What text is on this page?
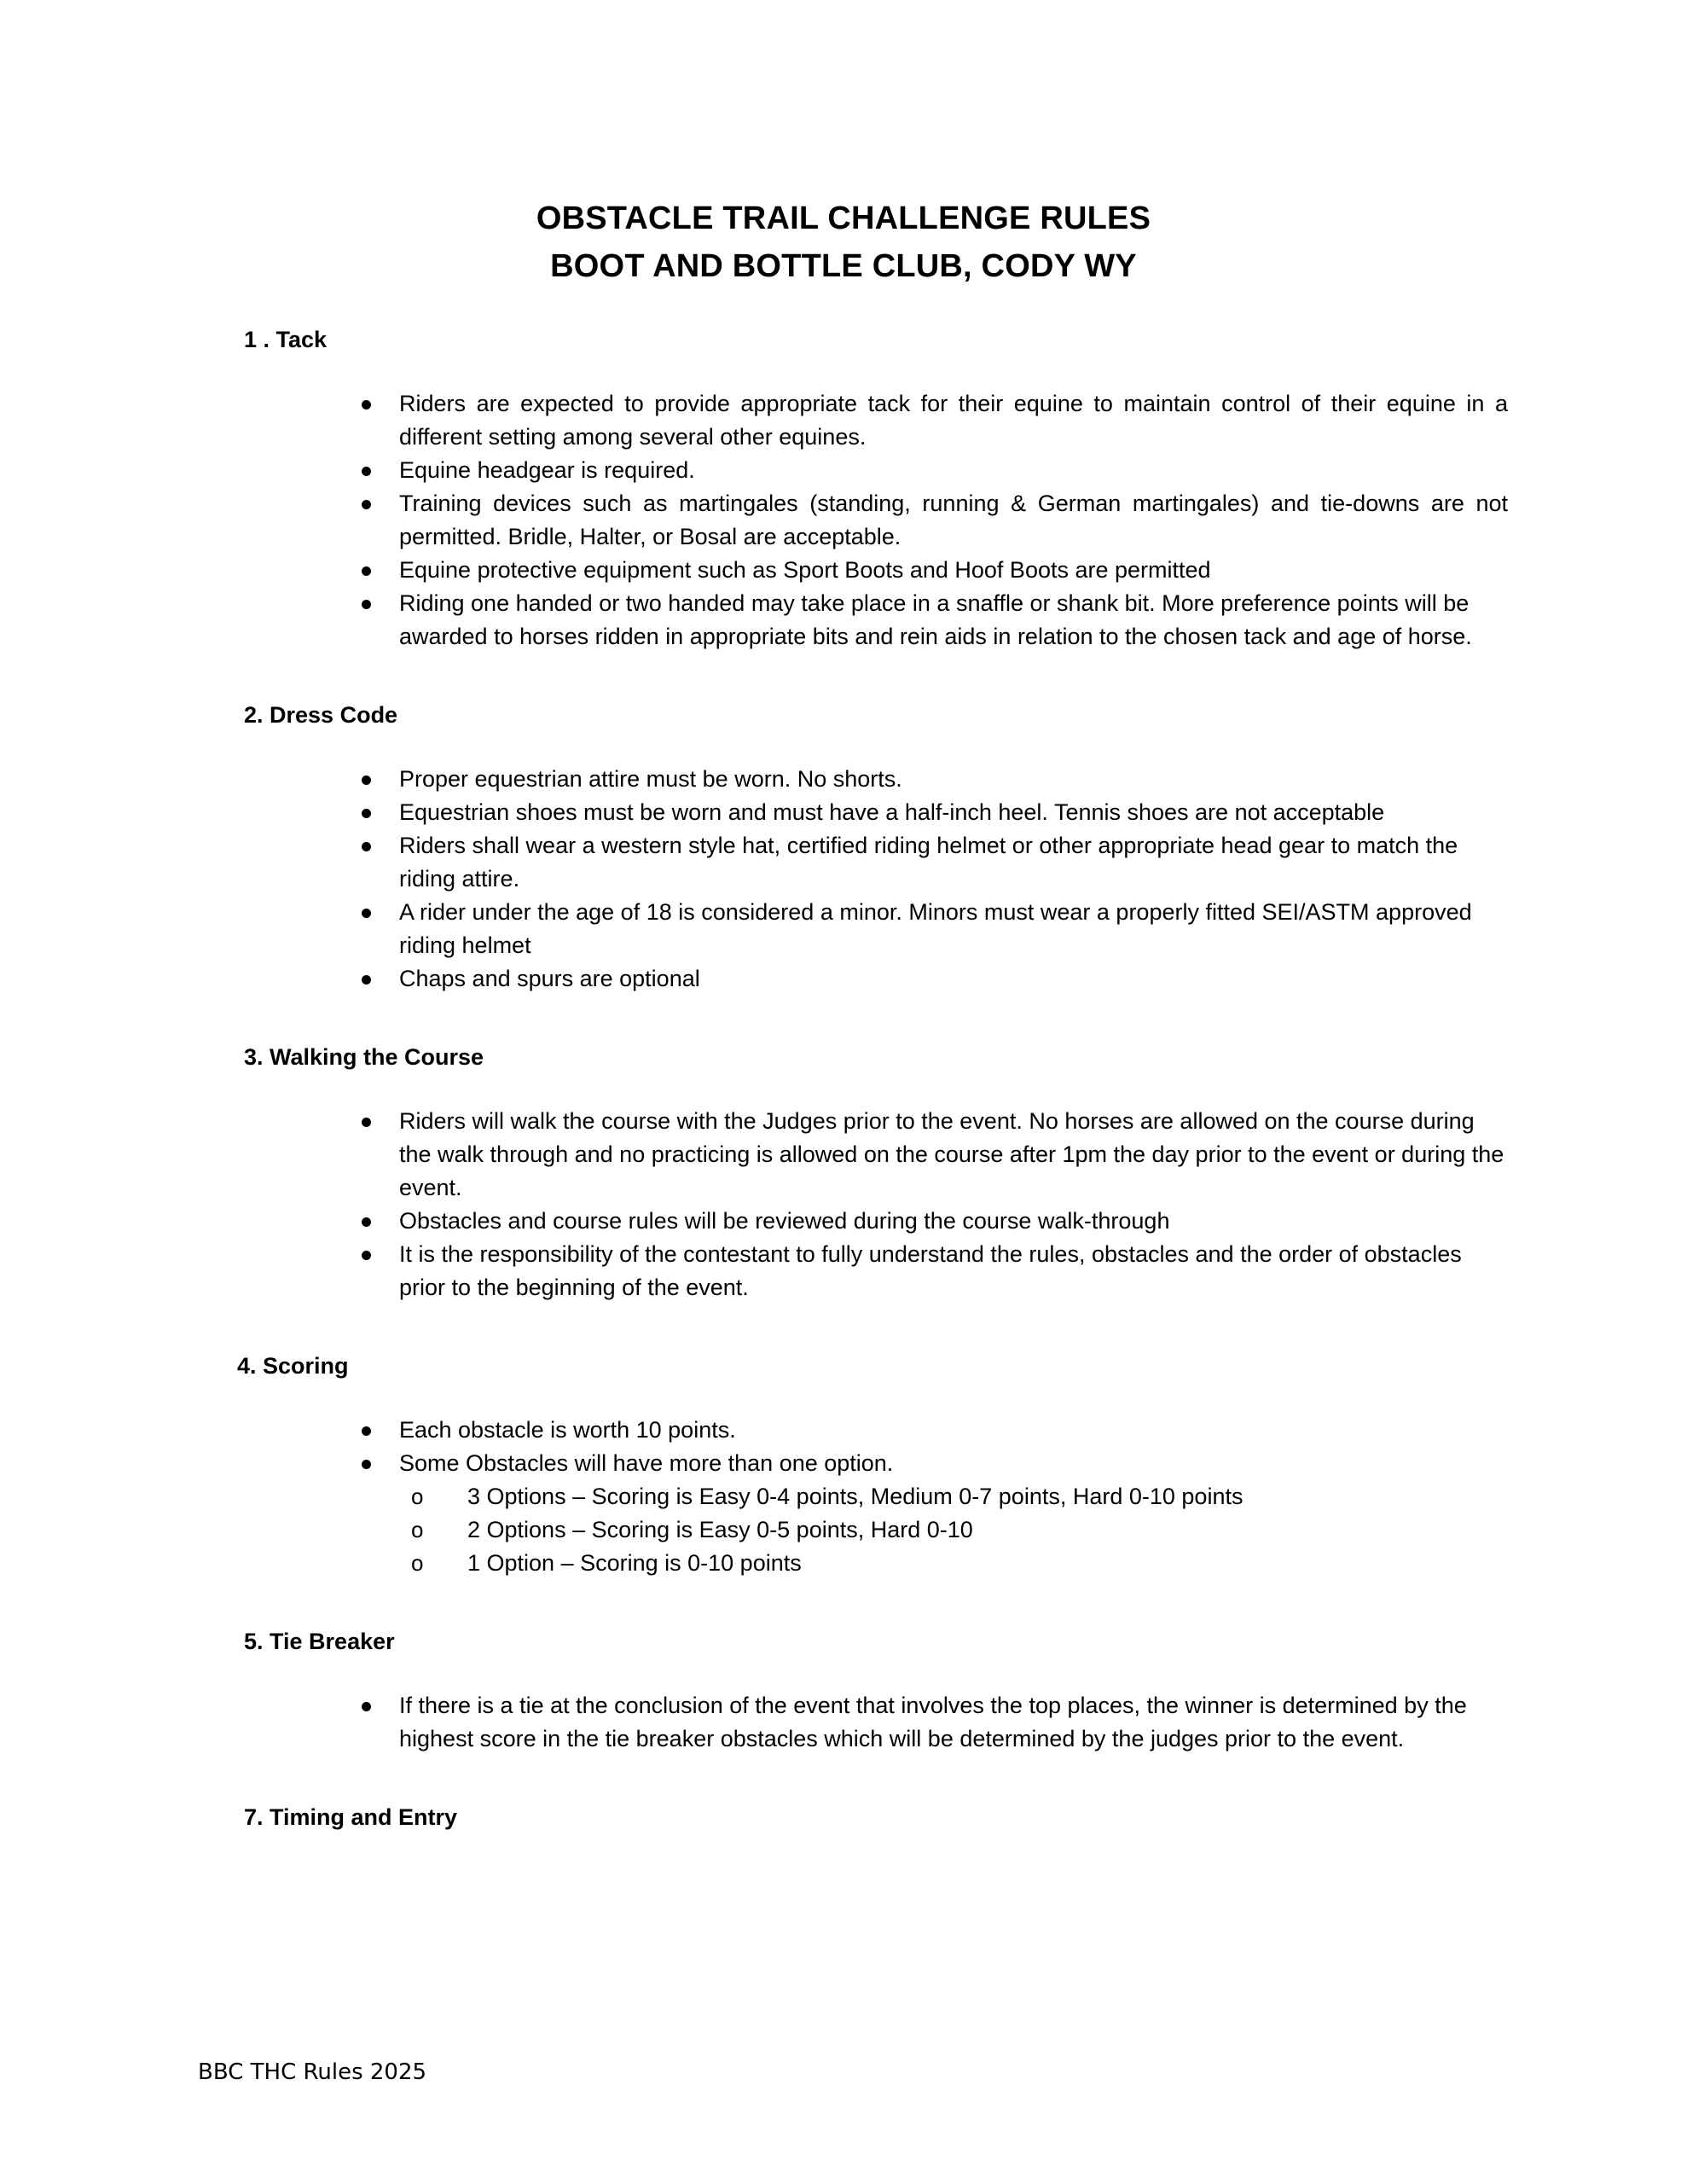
OBSTACLE TRAIL CHALLENGE RULES
BOOT AND BOTTLE CLUB, CODY WY
1 . Tack
Riders are expected to provide appropriate tack for their equine to maintain control of their equine in a different setting among several other equines.
Equine headgear is required.
Training devices such as martingales (standing, running & German martingales) and tie-downs are not permitted. Bridle, Halter, or Bosal are acceptable.
Equine protective equipment such as Sport Boots and Hoof Boots are permitted
Riding one handed or two handed may take place in a snaffle or shank bit. More preference points will be awarded to horses ridden in appropriate bits and rein aids in relation to the chosen tack and age of horse.
2. Dress Code
Proper equestrian attire must be worn. No shorts.
Equestrian shoes must be worn and must have a half-inch heel. Tennis shoes are not acceptable
Riders shall wear a western style hat, certified riding helmet or other appropriate head gear to match the riding attire.
A rider under the age of 18 is considered a minor. Minors must wear a properly fitted SEI/ASTM approved riding helmet
Chaps and spurs are optional
3. Walking the Course
Riders will walk the course with the Judges prior to the event. No horses are allowed on the course during the walk through and no practicing is allowed on the course after 1pm the day prior to the event or during the event.
Obstacles and course rules will be reviewed during the course walk-through
It is the responsibility of the contestant to fully understand the rules, obstacles and the order of obstacles prior to the beginning of the event.
4. Scoring
Each obstacle is worth 10 points.
Some Obstacles will have more than one option.
o 3 Options – Scoring is Easy 0-4 points, Medium 0-7 points, Hard 0-10 points
o 2 Options – Scoring is Easy 0-5 points, Hard 0-10
o 1 Option – Scoring is 0-10 points
5. Tie Breaker
If there is a tie at the conclusion of the event that involves the top places, the winner is determined by the highest score in the tie breaker obstacles which will be determined by the judges prior to the event.
7. Timing and Entry
BBC THC Rules 2025
